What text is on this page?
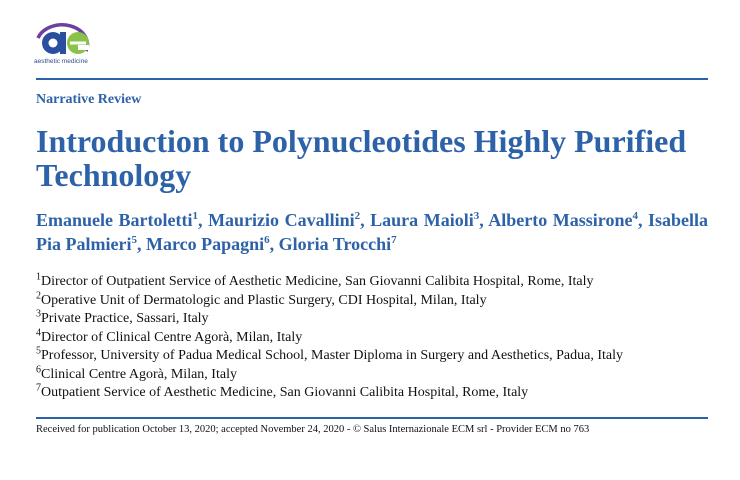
aesthetic medicine
Narrative Review
Introduction to Polynucleotides Highly Purified Technology
Emanuele Bartoletti$^1$, Maurizio Cavallini$^2$, Laura Maioli$^3$, Alberto Massirone$^4$, Isabella Pia Palmieri$^5$, Marco Papagni$^6$, Gloria Trocchi$^7$
$^1$Director of Outpatient Service of Aesthetic Medicine, San Giovanni Calibita Hospital, Rome, Italy
$^2$Operative Unit of Dermatologic and Plastic Surgery, CDI Hospital, Milan, Italy
$^3$Private Practice, Sassari, Italy
$^4$Director of Clinical Centre Agorà, Milan, Italy
$^5$Professor, University of Padua Medical School, Master Diploma in Surgery and Aesthetics, Padua, Italy
$^6$Clinical Centre Agorà, Milan, Italy
$^7$Outpatient Service of Aesthetic Medicine, San Giovanni Calibita Hospital, Rome, Italy
Received for publication October 13, 2020; accepted November 24, 2020 - © Salus Internazionale ECM srl - Provider ECM no 763
